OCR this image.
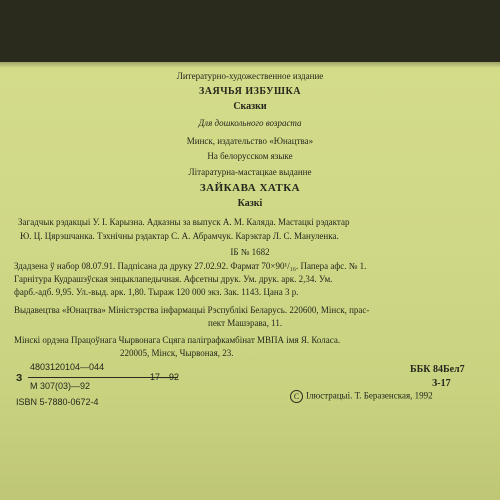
Литературно-художественное издание
ЗАЯЧЬЯ ИЗБУШКА
Сказки
Для дошкольного возраста
Минск, издательство «Юнацтва»
На белорусском языке
Літаратурна-мастацкае выданне
ЗАЙКАВА ХАТКА
Казкі
Загадчык рэдакцыі У. І. Карызна. Адказны за выпуск А. М. Каляда. Мастацкі рэдактар
Ю. Ц. Цярэшчанка. Тэхнічны рэдактар С. А. Абрамчук. Карэктар Л. С. Мануленка.
ІБ № 1682
Здадзена ў набор 08.07.91. Падпісана да друку 27.02.92. Фармат 70×90¹/₁₆. Папера афс. № 1.
Гарнітура Кудрашэўская энцыклапедычная. Афсетны друк. Ум. друк. арк. 2,34. Ум.
фарб.-адб. 9,95. Ул.-выд. арк. 1,80. Тыраж 120 000 экз. Зак. 1143. Цана 3 р.
Выдавецтва «Юнацтва» Міністэрства інфармацыі Рэспублікі Беларусь. 220600, Мінск, прас-
пект Машэрава, 11.
Мінскі ордэна Працоўнага Чырвонага Сцяга паліграфкамбінат МВПА імя Я. Коласа.
220005, Мінск, Чырвоная, 23.
ББК 84Бел7
З-17
З
4803120104—044
М 307(03)—92
17—92
ISBN 5-7880-0672-4
C Ілюстрацыі. Т. Беразенская, 1992
